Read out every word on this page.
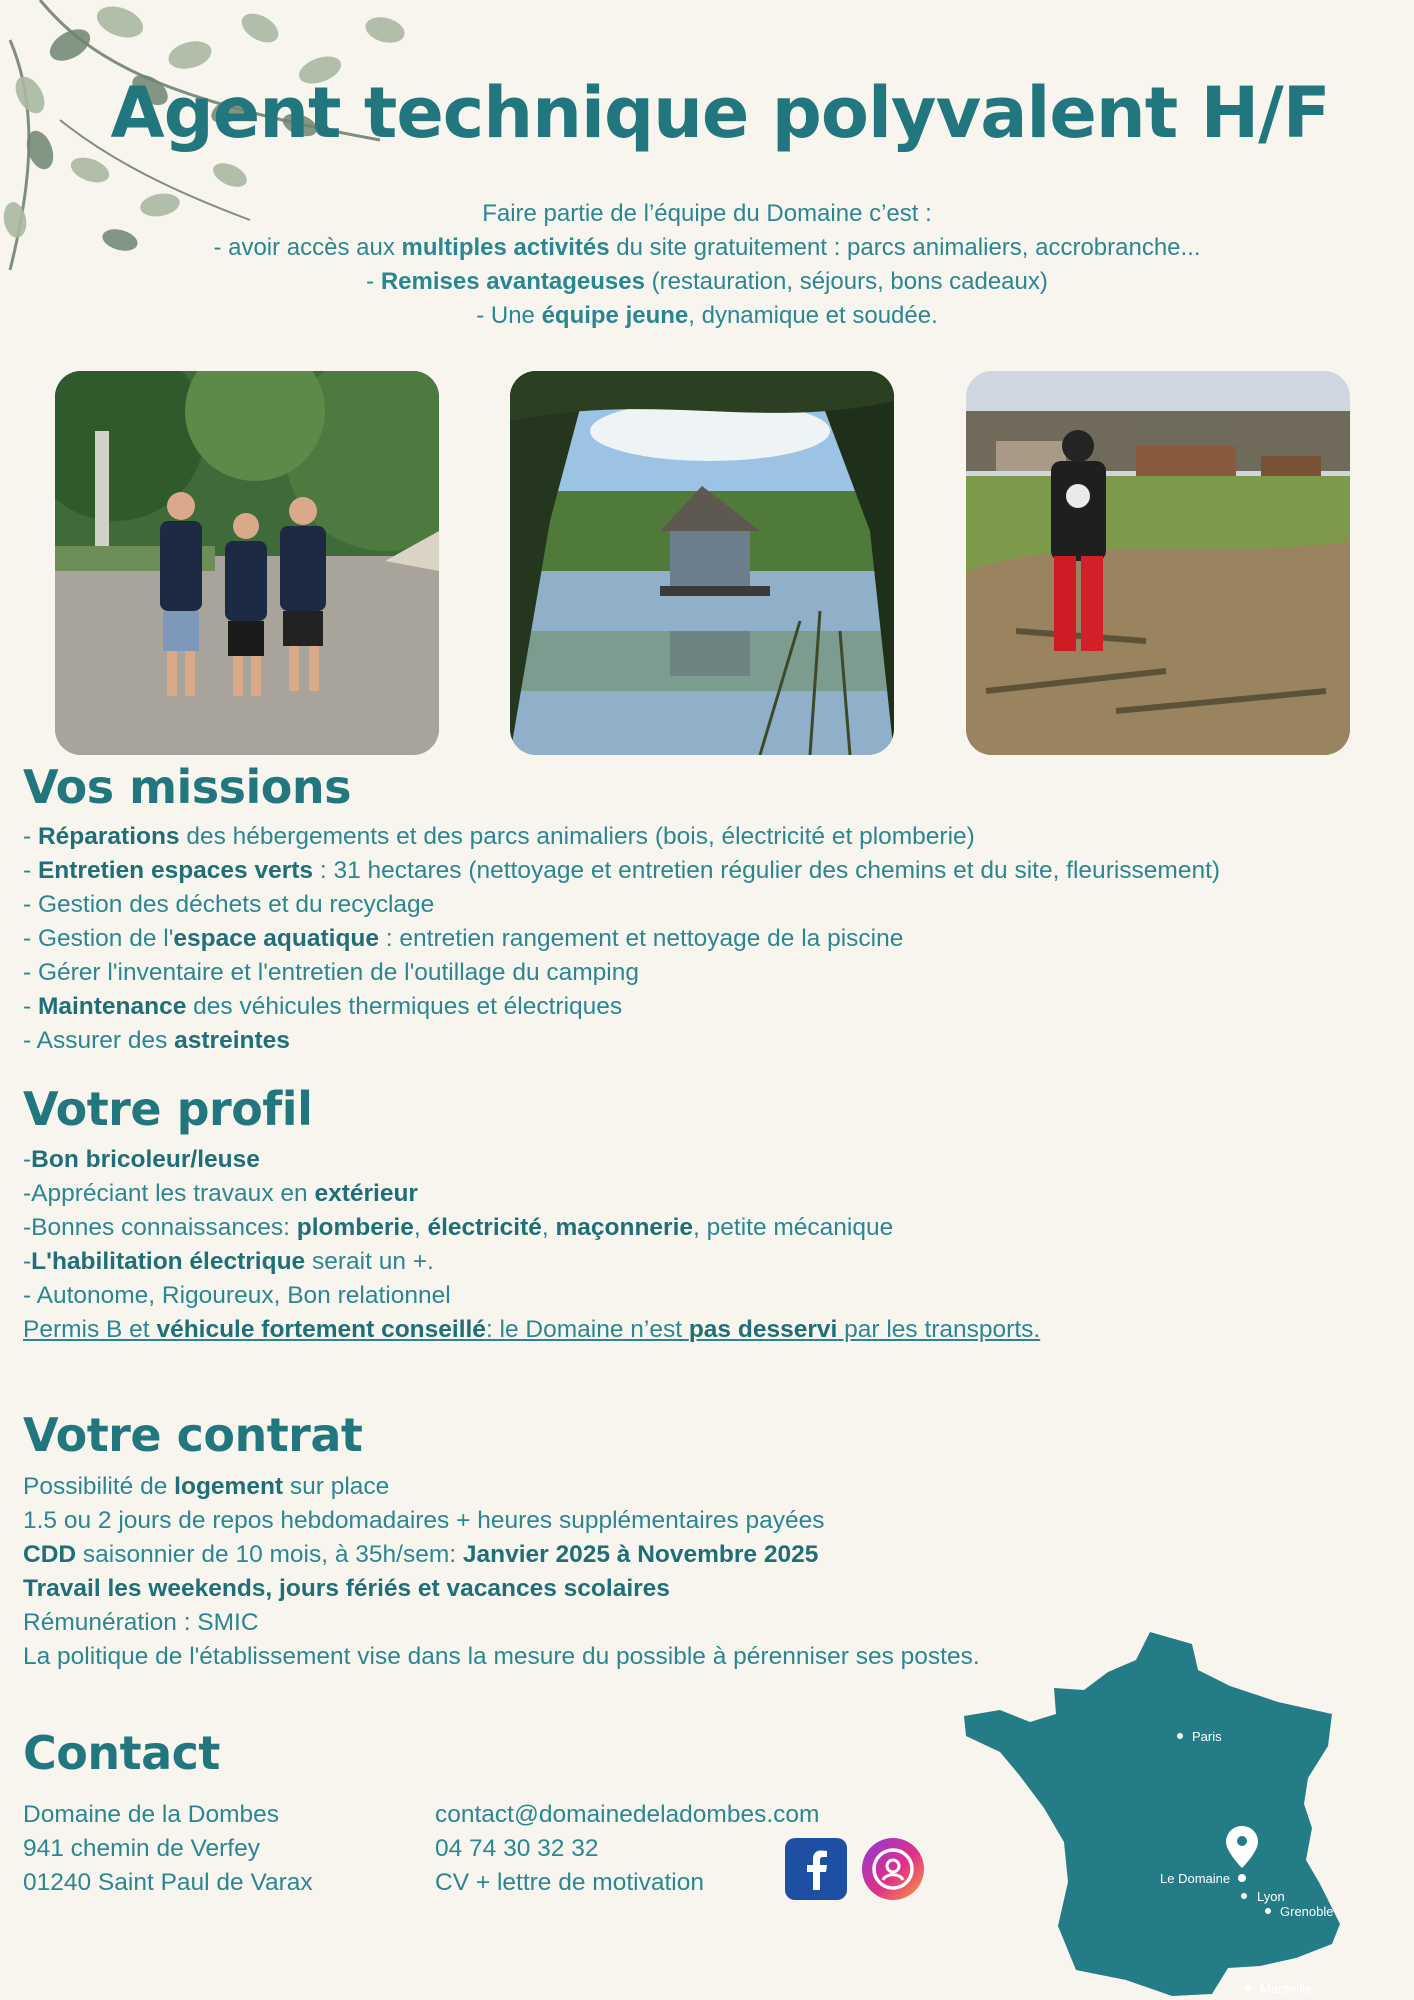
Agent technique polyvalent H/F
Faire partie de l’équipe du Domaine c’est :
- avoir accès aux multiples activités du site gratuitement : parcs animaliers, accrobranche...
- Remises avantageuses (restauration, séjours, bons cadeaux)
- Une équipe jeune, dynamique et soudée.
Vos missions
- Réparations des hébergements et des parcs animaliers (bois, électricité et plomberie)
- Entretien espaces verts : 31 hectares (nettoyage et entretien régulier des chemins et du site, fleurissement)
- Gestion des déchets et du recyclage
- Gestion de l'espace aquatique : entretien rangement et nettoyage de la piscine
- Gérer l'inventaire et l'entretien de l'outillage du camping
- Maintenance des véhicules thermiques et électriques
- Assurer des astreintes
Votre profil
-Bon bricoleur/leuse
-Appréciant les travaux en extérieur
-Bonnes connaissances: plomberie, électricité, maçonnerie, petite mécanique
-L'habilitation électrique serait un +.
- Autonome, Rigoureux, Bon relationnel
Permis B et véhicule fortement conseillé: le Domaine n’est pas desservi par les transports.
Votre contrat
Possibilité de logement sur place
1.5 ou 2 jours de repos hebdomadaires + heures supplémentaires payées
CDD saisonnier de 10 mois, à 35h/sem: Janvier 2025 à Novembre 2025
Travail les weekends, jours fériés et vacances scolaires
Rémunération : SMIC
La politique de l'établissement vise dans la mesure du possible à pérenniser ses postes.
Contact
Domaine de la Dombes
941 chemin de Verfey
01240 Saint Paul de Varax
contact@domainedeladombes.com
04 74 30 32 32
CV + lettre de motivation
Paris
Le Domaine
Lyon
Grenoble
Marseille
